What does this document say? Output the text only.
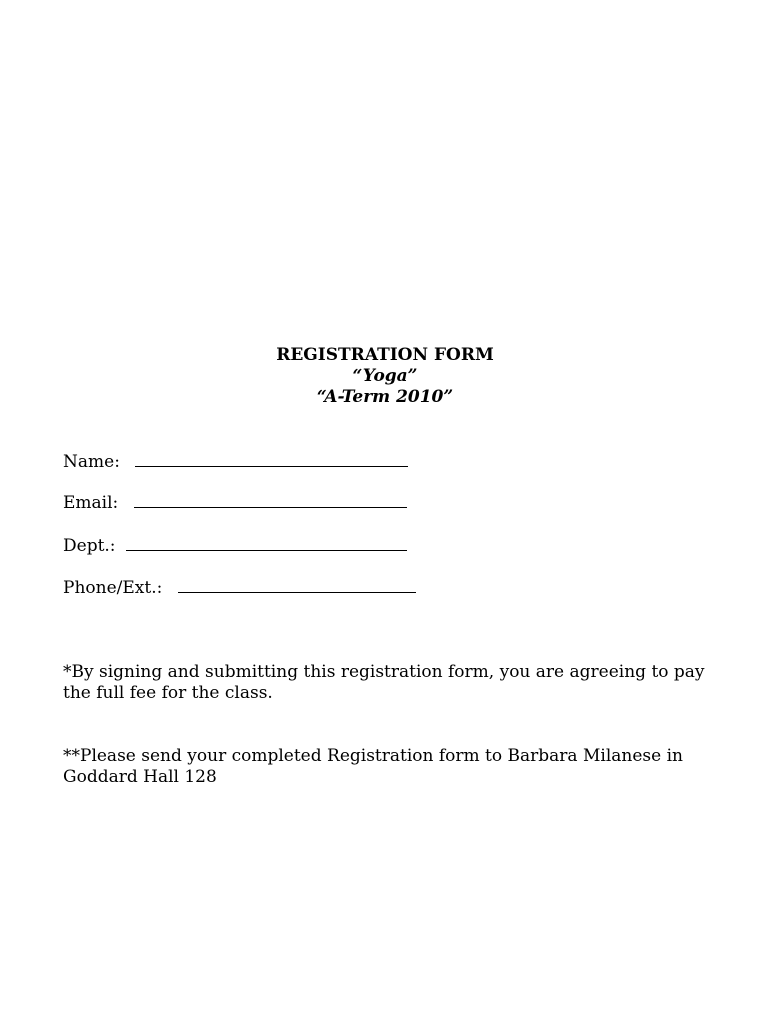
REGISTRATION FORM
“Yoga”
“A-Term 2010”
Name:
Email:
Dept.:
Phone/Ext.:
*By signing and submitting this registration form, you are agreeing to pay the full fee for the class.
**Please send your completed Registration form to Barbara Milanese in Goddard Hall 128
